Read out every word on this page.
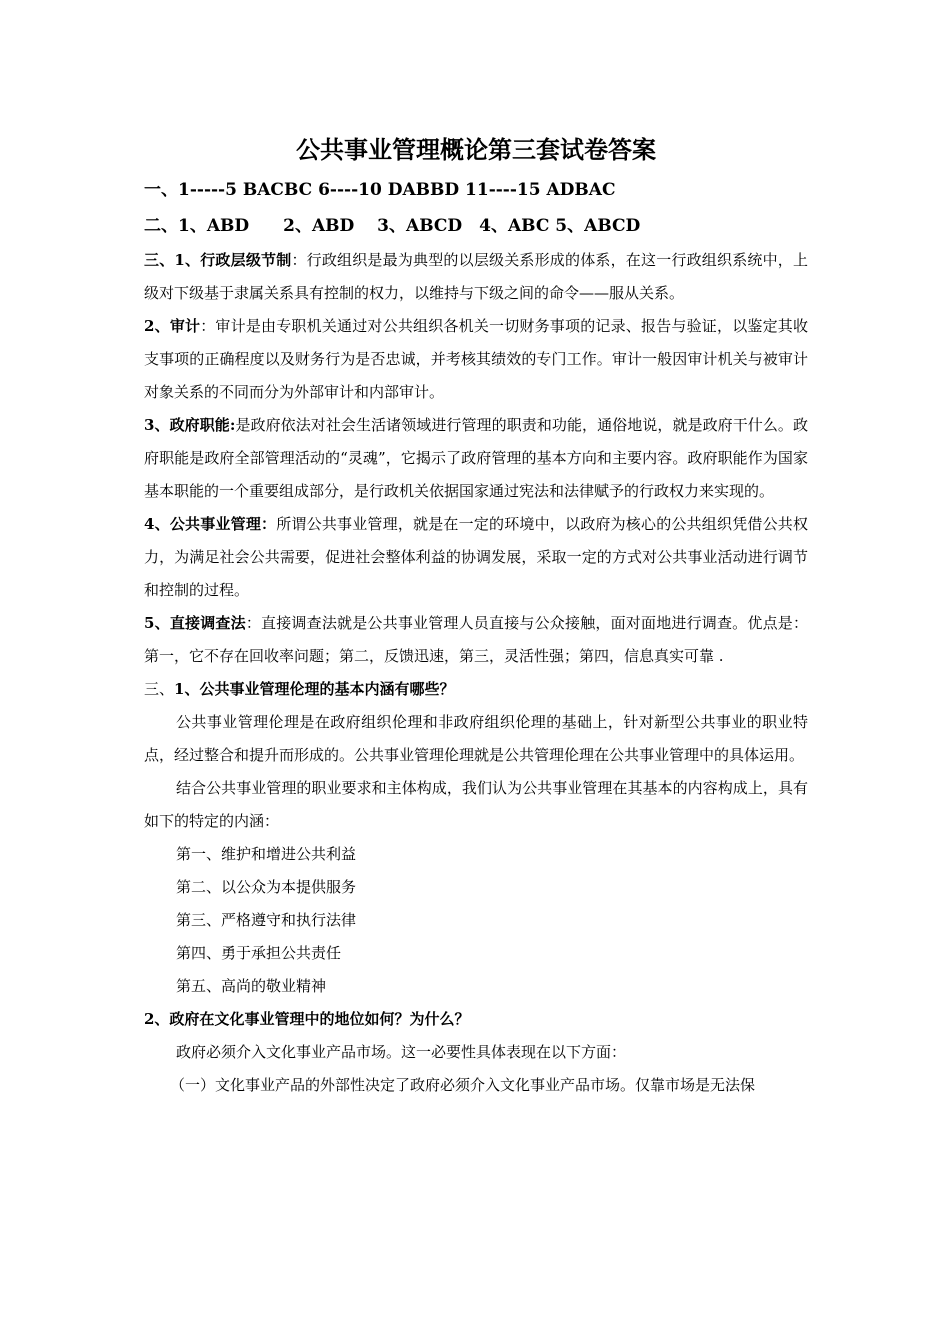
公共事业管理概论第三套试卷答案

一、1-----5 BACBC 6----10 DABBD 11----15 ADBAC

二、1、ABD　　2、ABD　 3、ABCD　4、ABC 5、ABCD

三、1、行政层级节制：行政组织是最为典型的以层级关系形成的体系，在这一行政组织系统中，上级对下级基于隶属关系具有控制的权力，以维持与下级之间的命令——服从关系。

2、审计：审计是由专职机关通过对公共组织各机关一切财务事项的记录、报告与验证，以鉴定其收支事项的正确程度以及财务行为是否忠诚，并考核其绩效的专门工作。审计一般因审计机关与被审计对象关系的不同而分为外部审计和内部审计。

3、政府职能:是政府依法对社会生活诸领域进行管理的职责和功能，通俗地说，就是政府干什么。政府职能是政府全部管理活动的“灵魂”，它揭示了政府管理的基本方向和主要内容。政府职能作为国家基本职能的一个重要组成部分，是行政机关依据国家通过宪法和法律赋予的行政权力来实现的。

4、公共事业管理：所谓公共事业管理，就是在一定的环境中，以政府为核心的公共组织凭借公共权力，为满足社会公共需要，促进社会整体利益的协调发展，采取一定的方式对公共事业活动进行调节和控制的过程。

5、直接调查法：直接调查法就是公共事业管理人员直接与公众接触，面对面地进行调查。优点是：第一，它不存在回收率问题；第二，反馈迅速，第三，灵活性强；第四，信息真实可靠 .

三、1、公共事业管理伦理的基本内涵有哪些？

公共事业管理伦理是在政府组织伦理和非政府组织伦理的基础上，针对新型公共事业的职业特点，经过整合和提升而形成的。公共事业管理伦理就是公共管理伦理在公共事业管理中的具体运用。

结合公共事业管理的职业要求和主体构成，我们认为公共事业管理在其基本的内容构成上，具有如下的特定的内涵：

第一、维护和增进公共利益

第二、以公众为本提供服务

第三、严格遵守和执行法律

第四、勇于承担公共责任

第五、高尚的敬业精神

2、政府在文化事业管理中的地位如何？为什么？

政府必须介入文化事业产品市场。这一必要性具体表现在以下方面：

（一）文化事业产品的外部性决定了政府必须介入文化事业产品市场。仅靠市场是无法保
